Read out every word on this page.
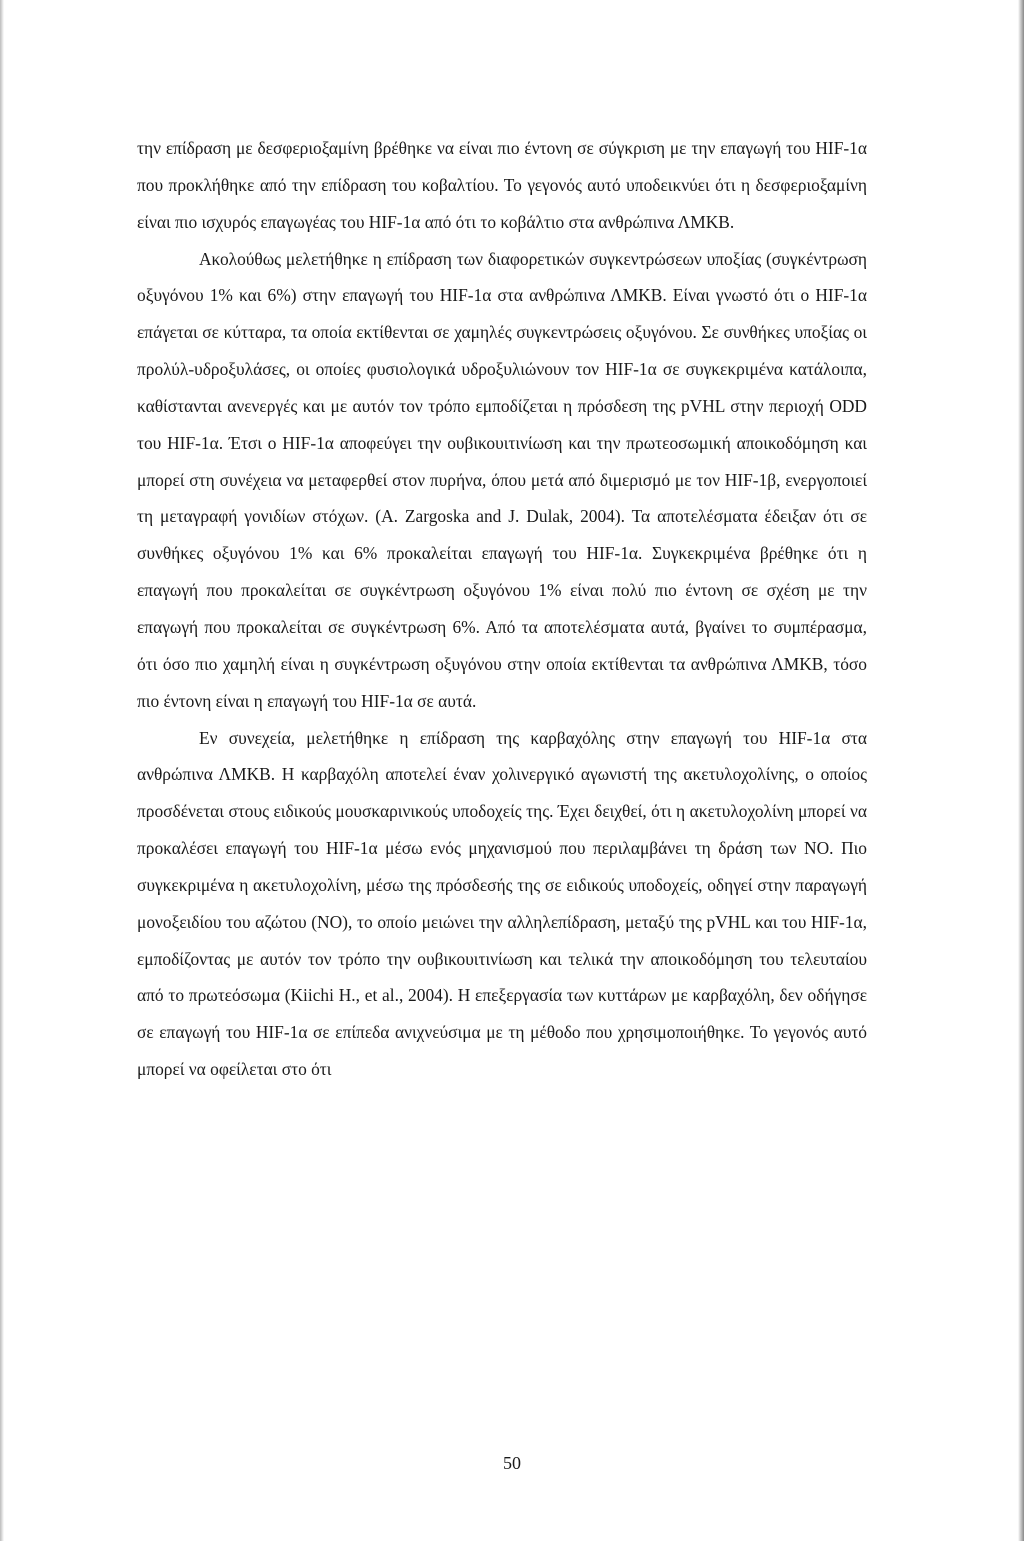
την επίδραση με δεσφεριοξαμίνη βρέθηκε να είναι πιο έντονη σε σύγκριση με την επαγωγή του HIF-1α που προκλήθηκε από την επίδραση του κοβαλτίου. Το γεγονός αυτό υποδεικνύει ότι η δεσφεριοξαμίνη είναι πιο ισχυρός επαγωγέας του HIF-1α από ότι το κοβάλτιο στα ανθρώπινα ΛΜΚΒ.

Ακολούθως μελετήθηκε η επίδραση των διαφορετικών συγκεντρώσεων υποξίας (συγκέντρωση οξυγόνου 1% και 6%) στην επαγωγή του HIF-1α στα ανθρώπινα ΛΜΚΒ. Είναι γνωστό ότι ο HIF-1α επάγεται σε κύτταρα, τα οποία εκτίθενται σε χαμηλές συγκεντρώσεις οξυγόνου. Σε συνθήκες υποξίας οι προλύλ-υδροξυλάσες, οι οποίες φυσιολογικά υδροξυλιώνουν τον HIF-1α σε συγκεκριμένα κατάλοιπα, καθίστανται ανενεργές και με αυτόν τον τρόπο εμποδίζεται η πρόσδεση της pVHL στην περιοχή ODD του HIF-1α. Έτσι ο HIF-1α αποφεύγει την ουβικουιτινίωση και την πρωτεοσωμική αποικοδόμηση και μπορεί στη συνέχεια να μεταφερθεί στον πυρήνα, όπου μετά από διμερισμό με τον HIF-1β, ενεργοποιεί τη μεταγραφή γονιδίων στόχων. (A. Zargoska and J. Dulak, 2004). Τα αποτελέσματα έδειξαν ότι σε συνθήκες οξυγόνου 1% και 6% προκαλείται επαγωγή του HIF-1α. Συγκεκριμένα βρέθηκε ότι η επαγωγή που προκαλείται σε συγκέντρωση οξυγόνου 1% είναι πολύ πιο έντονη σε σχέση με την επαγωγή που προκαλείται σε συγκέντρωση 6%. Από τα αποτελέσματα αυτά, βγαίνει το συμπέρασμα, ότι όσο πιο χαμηλή είναι η συγκέντρωση οξυγόνου στην οποία εκτίθενται τα ανθρώπινα ΛΜΚΒ, τόσο πιο έντονη είναι η επαγωγή του HIF-1α σε αυτά.

Εν συνεχεία, μελετήθηκε η επίδραση της καρβαχόλης στην επαγωγή του HIF-1α στα ανθρώπινα ΛΜΚΒ. Η καρβαχόλη αποτελεί έναν χολινεργικό αγωνιστή της ακετυλοχολίνης, ο οποίος προσδένεται στους ειδικούς μουσκαρινικούς υποδοχείς της. Έχει δειχθεί, ότι η ακετυλοχολίνη μπορεί να προκαλέσει επαγωγή του HIF-1α μέσω ενός μηχανισμού που περιλαμβάνει τη δράση των NO. Πιο συγκεκριμένα η ακετυλοχολίνη, μέσω της πρόσδεσής της σε ειδικούς υποδοχείς, οδηγεί στην παραγωγή μονοξειδίου του αζώτου (NO), το οποίο μειώνει την αλληλεπίδραση, μεταξύ της pVHL και του HIF-1α, εμποδίζοντας με αυτόν τον τρόπο την ουβικουιτινίωση και τελικά την αποικοδόμηση του τελευταίου από το πρωτεόσωμα (Kiichi H., et al., 2004). Η επεξεργασία των κυττάρων με καρβαχόλη, δεν οδήγησε σε επαγωγή του HIF-1α σε επίπεδα ανιχνεύσιμα με τη μέθοδο που χρησιμοποιήθηκε. Το γεγονός αυτό μπορεί να οφείλεται στο ότι

50
